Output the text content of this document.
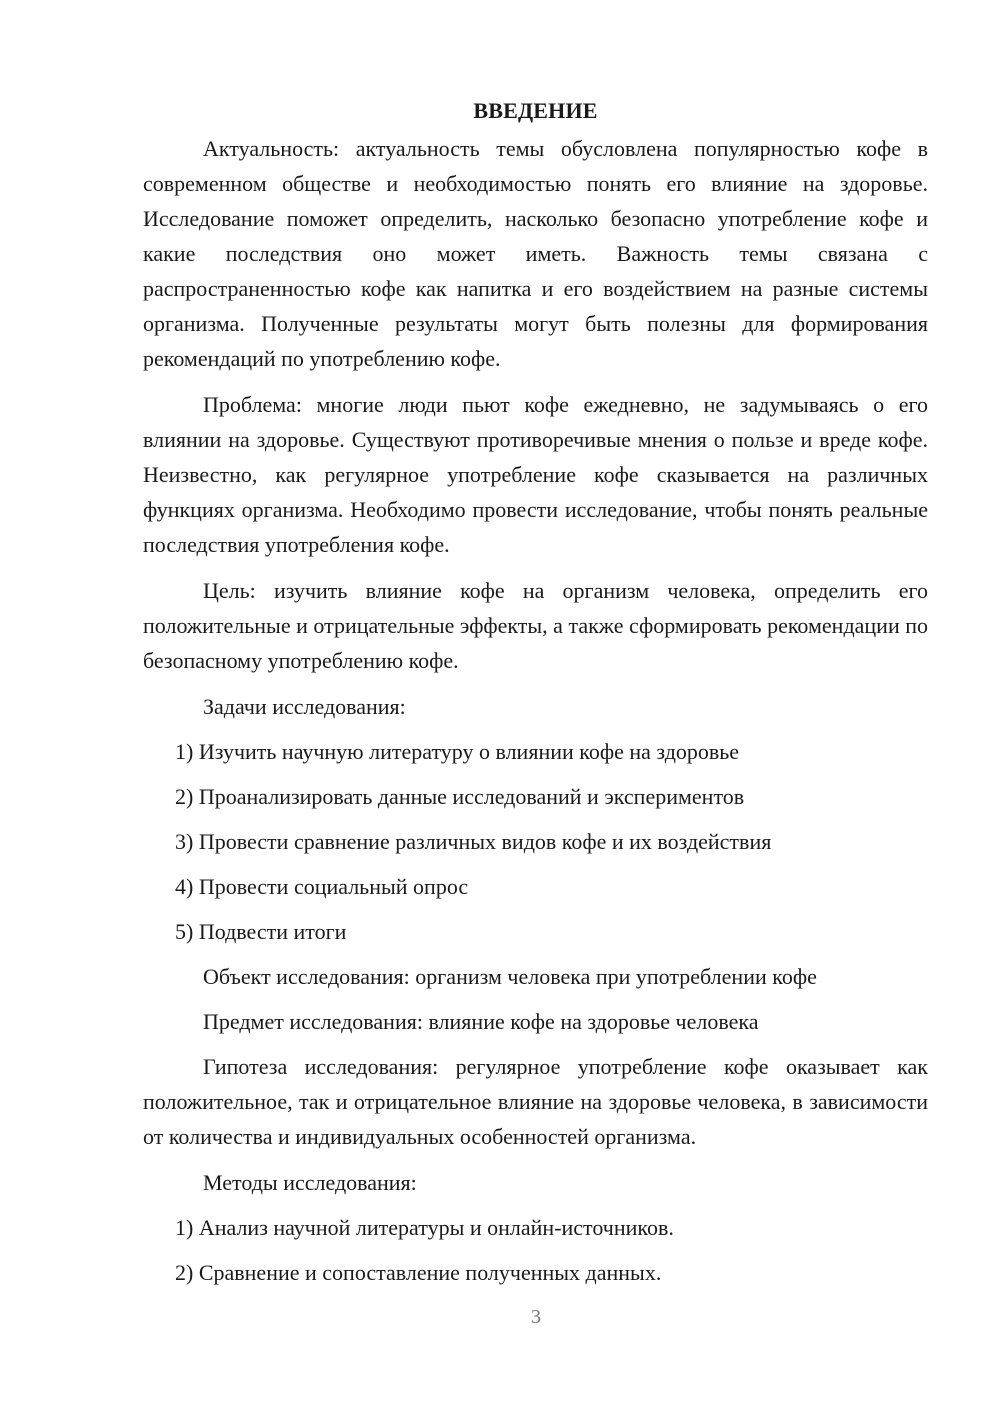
ВВЕДЕНИЕ

Актуальность: актуальность темы обусловлена популярностью кофе в современном обществе и необходимостью понять его влияние на здоровье. Исследование поможет определить, насколько безопасно употребление кофе и какие последствия оно может иметь. Важность темы связана с распространенностью кофе как напитка и его воздействием на разные системы организма. Полученные результаты могут быть полезны для формирования рекомендаций по употреблению кофе.

Проблема: многие люди пьют кофе ежедневно, не задумываясь о его влиянии на здоровье. Существуют противоречивые мнения о пользе и вреде кофе. Неизвестно, как регулярное употребление кофе сказывается на различных функциях организма. Необходимо провести исследование, чтобы понять реальные последствия употребления кофе.

Цель: изучить влияние кофе на организм человека, определить его положительные и отрицательные эффекты, а также сформировать рекомендации по безопасному употреблению кофе.

Задачи исследования:
1) Изучить научную литературу о влиянии кофе на здоровье
2) Проанализировать данные исследований и экспериментов
3) Провести сравнение различных видов кофе и их воздействия
4) Провести социальный опрос
5) Подвести итоги
Объект исследования: организм человека при употреблении кофе
Предмет исследования: влияние кофе на здоровье человека

Гипотеза исследования: регулярное употребление кофе оказывает как положительное, так и отрицательное влияние на здоровье человека, в зависимости от количества и индивидуальных особенностей организма.

Методы исследования:
1) Анализ научной литературы и онлайн-источников.
2) Сравнение и сопоставление полученных данных.
3
